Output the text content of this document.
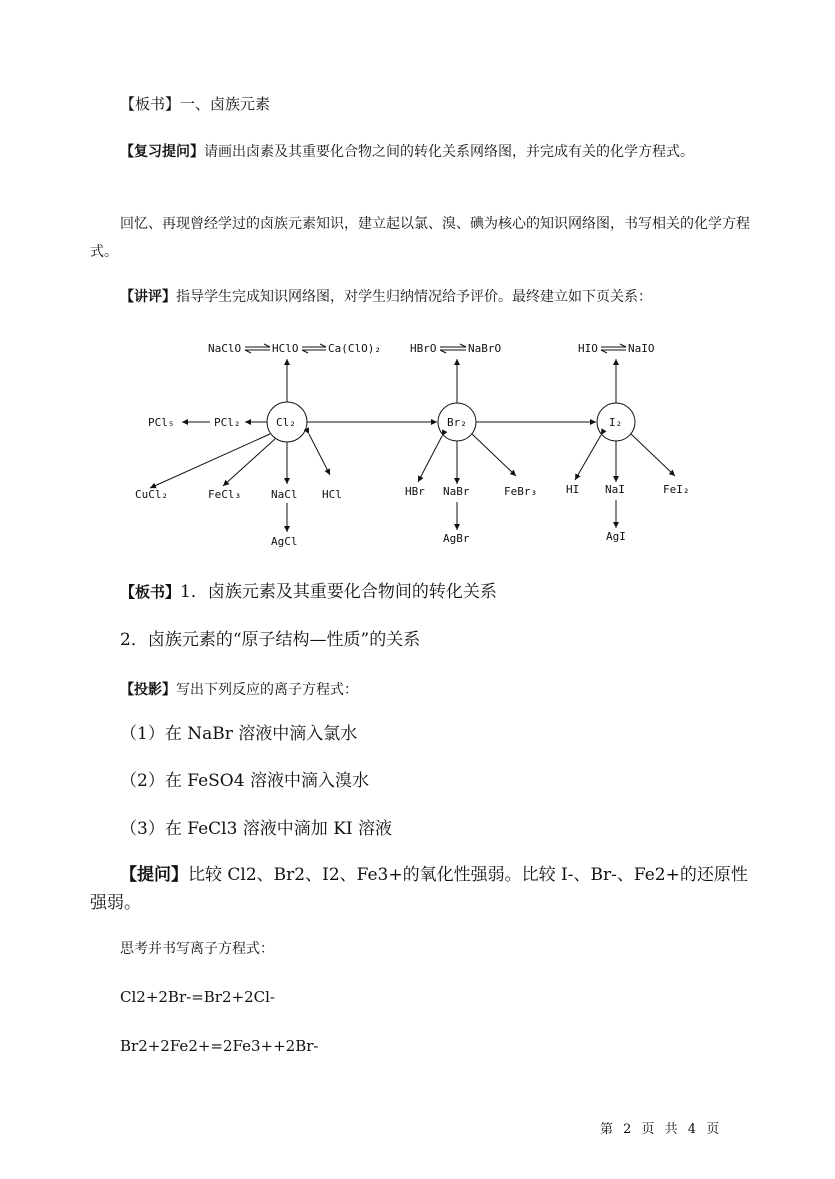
【板书】一、卤族元素

【复习提问】请画出卤素及其重要化合物之间的转化关系网络图，并完成有关的化学方程式。

回忆、再现曾经学过的卤族元素知识，建立起以氯、溴、碘为核心的知识网络图，书写相关的化学方程式。

【讲评】指导学生完成知识网络图，对学生归纳情况给予评价。最终建立如下页关系：

NaClO	HClO	Ca(ClO)₂	HBrO	NaBrO	HIO	NaIO
Cl₂	Br₂	I₂
PCl₅	PCl₂
CuCl₂	FeCl₃	NaCl HCl
AgCl
HBr NaBr	FeBr₃
AgBr
HI NaI	FeI₂
AgI

【板书】1．卤族元素及其重要化合物间的转化关系

2．卤族元素的“原子结构—性质”的关系

【投影】写出下列反应的离子方程式：

（1）在 NaBr 溶液中滴入氯水

（2）在 FeSO4 溶液中滴入溴水

（3）在 FeCl3 溶液中滴加 KI 溶液

【提问】比较 Cl2、Br2、I2、Fe3+的氧化性强弱。比较 I-、Br-、Fe2+的还原性强弱。

思考并书写离子方程式：

Cl2+2Br-=Br2+2Cl-

Br2+2Fe2+=2Fe3++2Br-

第 2 页 共 4 页
